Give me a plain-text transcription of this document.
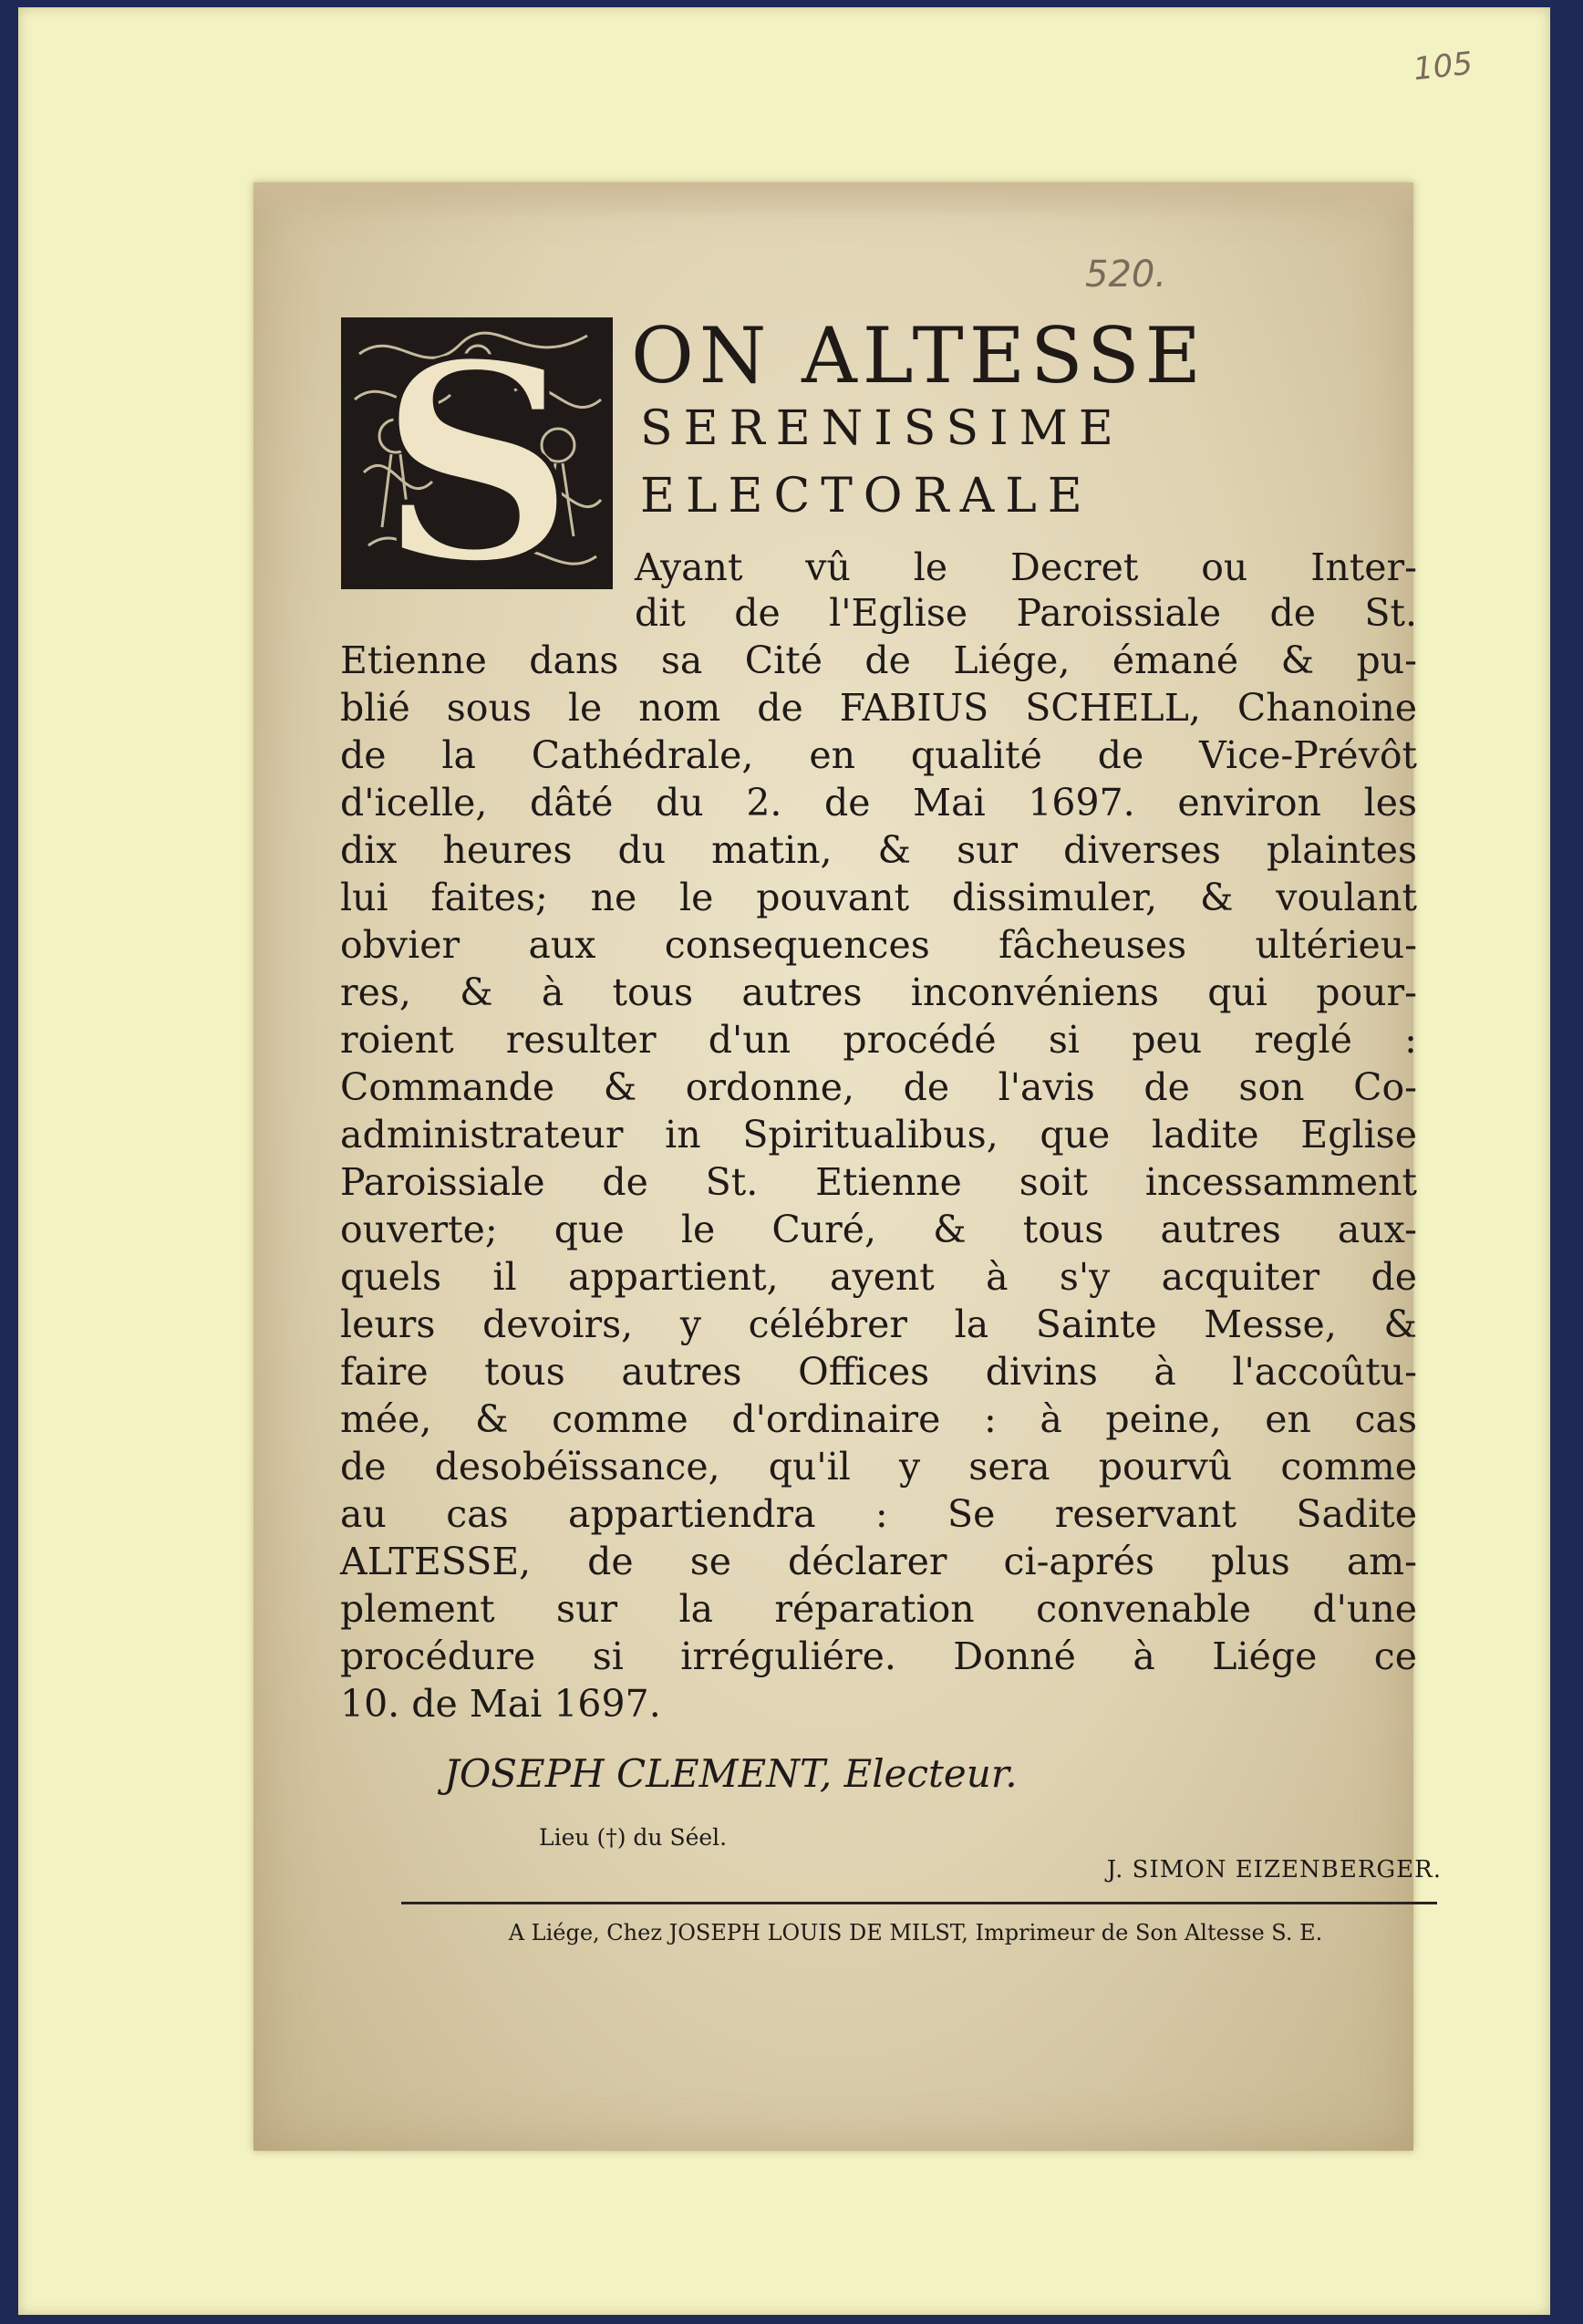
105
520.
S ON ALTESSE
SERENISSIME
ELECTORALE
Ayant vû le Decret ou Inter-
dit de l'Eglise Paroissiale de St.
Etienne dans sa Cité de Liége, émané & pu-
blié sous le nom de FABIUS SCHELL, Chanoine
de la Cathédrale, en qualité de Vice-Prévôt
d'icelle, dâté du 2. de Mai 1697. environ les
dix heures du matin, & sur diverses plaintes
lui faites; ne le pouvant dissimuler, & voulant
obvier aux consequences fâcheuses ultérieu-
res, & à tous autres inconvéniens qui pour-
roient resulter d'un procédé si peu reglé :
Commande & ordonne, de l'avis de son Co-
administrateur in Spiritualibus, que ladite Eglise
Paroissiale de St. Etienne soit incessamment
ouverte; que le Curé, & tous autres aux-
quels il appartient, ayent à s'y acquiter de
leurs devoirs, y célébrer la Sainte Messe, &
faire tous autres Offices divins à l'accoûtu-
mée, & comme d'ordinaire : à peine, en cas
de desobéïssance, qu'il y sera pourvû comme
au cas appartiendra : Se reservant Sadite
ALTESSE, de se déclarer ci-aprés plus am-
plement sur la réparation convenable d'une
procédure si irréguliére. Donné à Liége ce
10. de Mai 1697.
JOSEPH CLEMENT, Electeur.
Lieu (†) du Séel.
J. SIMON EIZENBERGER.
A Liége, Chez JOSEPH LOUIS DE MILST, Imprimeur de Son Altesse S. E.
